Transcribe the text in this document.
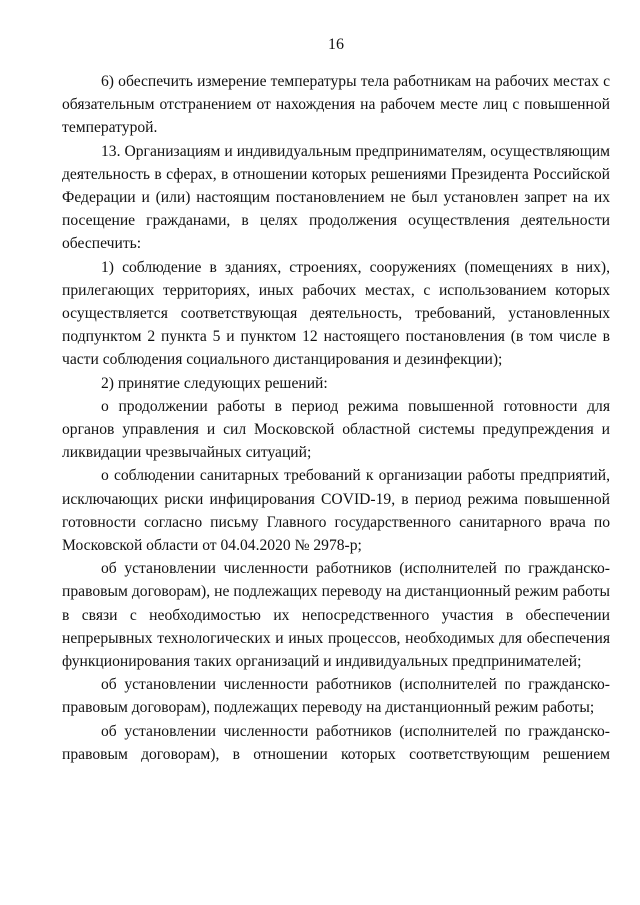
16

6) обеспечить измерение температуры тела работникам на рабочих местах с обязательным отстранением от нахождения на рабочем месте лиц с повышенной температурой.

13. Организациям и индивидуальным предпринимателям, осуществляющим деятельность в сферах, в отношении которых решениями Президента Российской Федерации и (или) настоящим постановлением не был установлен запрет на их посещение гражданами, в целях продолжения осуществления деятельности обеспечить:

1) соблюдение в зданиях, строениях, сооружениях (помещениях в них), прилегающих территориях, иных рабочих местах, с использованием которых осуществляется соответствующая деятельность, требований, установленных подпунктом 2 пункта 5 и пунктом 12 настоящего постановления (в том числе в части соблюдения социального дистанцирования и дезинфекции);

2) принятие следующих решений:

о продолжении работы в период режима повышенной готовности для органов управления и сил Московской областной системы предупреждения и ликвидации чрезвычайных ситуаций;

о соблюдении санитарных требований к организации работы предприятий, исключающих риски инфицирования COVID-19, в период режима повышенной готовности согласно письму Главного государственного санитарного врача по Московской области от 04.04.2020 № 2978-р;

об установлении численности работников (исполнителей по гражданско-правовым договорам), не подлежащих переводу на дистанционный режим работы в связи с необходимостью их непосредственного участия в обеспечении непрерывных технологических и иных процессов, необходимых для обеспечения функционирования таких организаций и индивидуальных предпринимателей;

об установлении численности работников (исполнителей по гражданско-правовым договорам), подлежащих переводу на дистанционный режим работы;

об установлении численности работников (исполнителей по гражданско-правовым договорам), в отношении которых соответствующим решением
